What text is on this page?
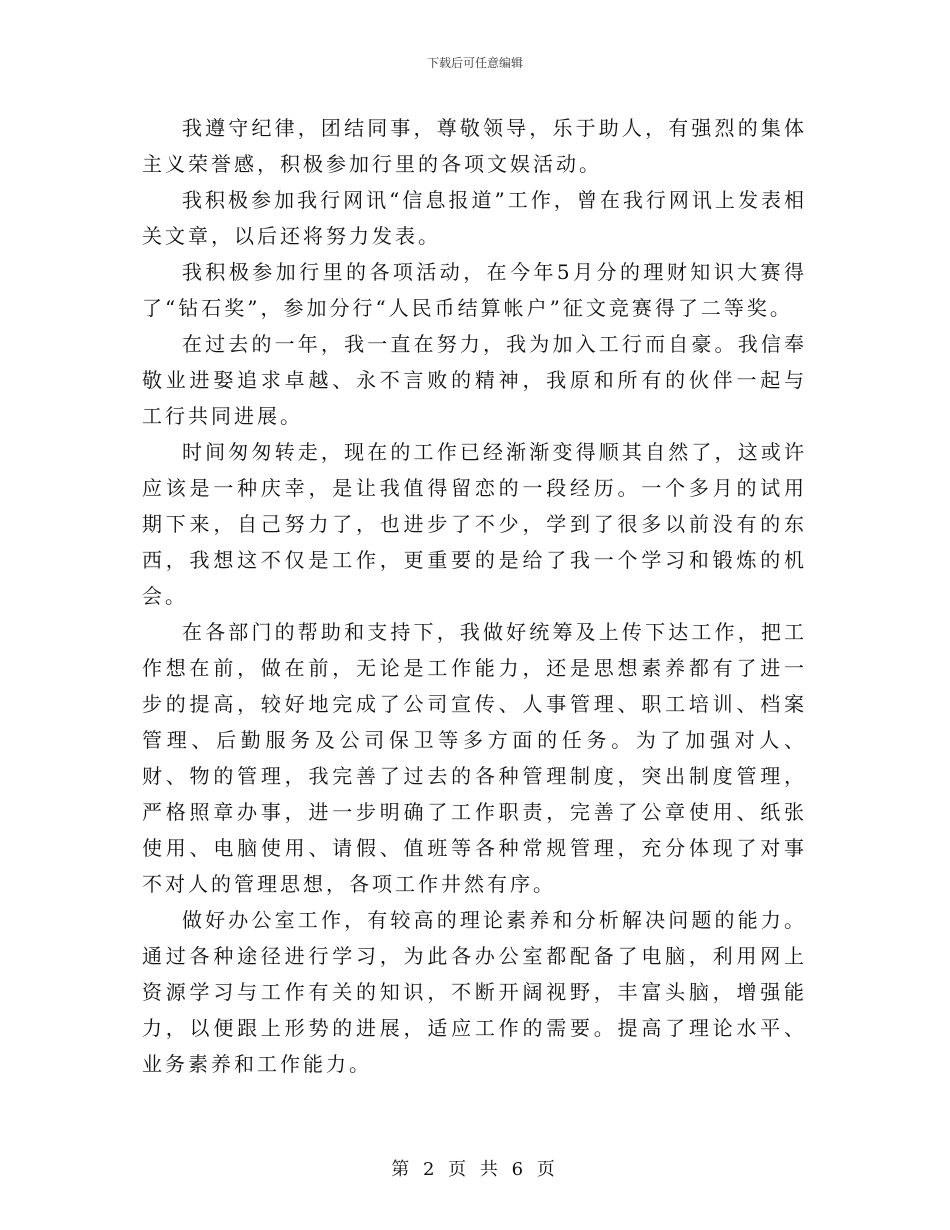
下载后可任意编辑

我遵守纪律，团结同事，尊敬领导，乐于助人，有强烈的集体主义荣誉感，积极参加行里的各项文娱活动。

我积极参加我行网讯“信息报道”工作，曾在我行网讯上发表相关文章，以后还将努力发表。

我积极参加行里的各项活动，在今年5月分的理财知识大赛得了“钻石奖”，参加分行“人民币结算帐户”征文竞赛得了二等奖。

在过去的一年，我一直在努力，我为加入工行而自豪。我信奉敬业进娶追求卓越、永不言败的精神，我原和所有的伙伴一起与工行共同进展。

时间匆匆转走，现在的工作已经渐渐变得顺其自然了，这或许应该是一种庆幸，是让我值得留恋的一段经历。一个多月的试用期下来，自己努力了，也进步了不少，学到了很多以前没有的东西，我想这不仅是工作，更重要的是给了我一个学习和锻炼的机会。

在各部门的帮助和支持下，我做好统筹及上传下达工作，把工作想在前，做在前，无论是工作能力，还是思想素养都有了进一步的提高，较好地完成了公司宣传、人事管理、职工培训、档案管理、后勤服务及公司保卫等多方面的任务。为了加强对人、财、物的管理，我完善了过去的各种管理制度，突出制度管理，严格照章办事，进一步明确了工作职责，完善了公章使用、纸张使用、电脑使用、请假、值班等各种常规管理，充分体现了对事不对人的管理思想，各项工作井然有序。

做好办公室工作，有较高的理论素养和分析解决问题的能力。通过各种途径进行学习，为此各办公室都配备了电脑，利用网上资源学习与工作有关的知识，不断开阔视野，丰富头脑，增强能力，以便跟上形势的进展，适应工作的需要。提高了理论水平、业务素养和工作能力。

第 2 页 共 6 页
